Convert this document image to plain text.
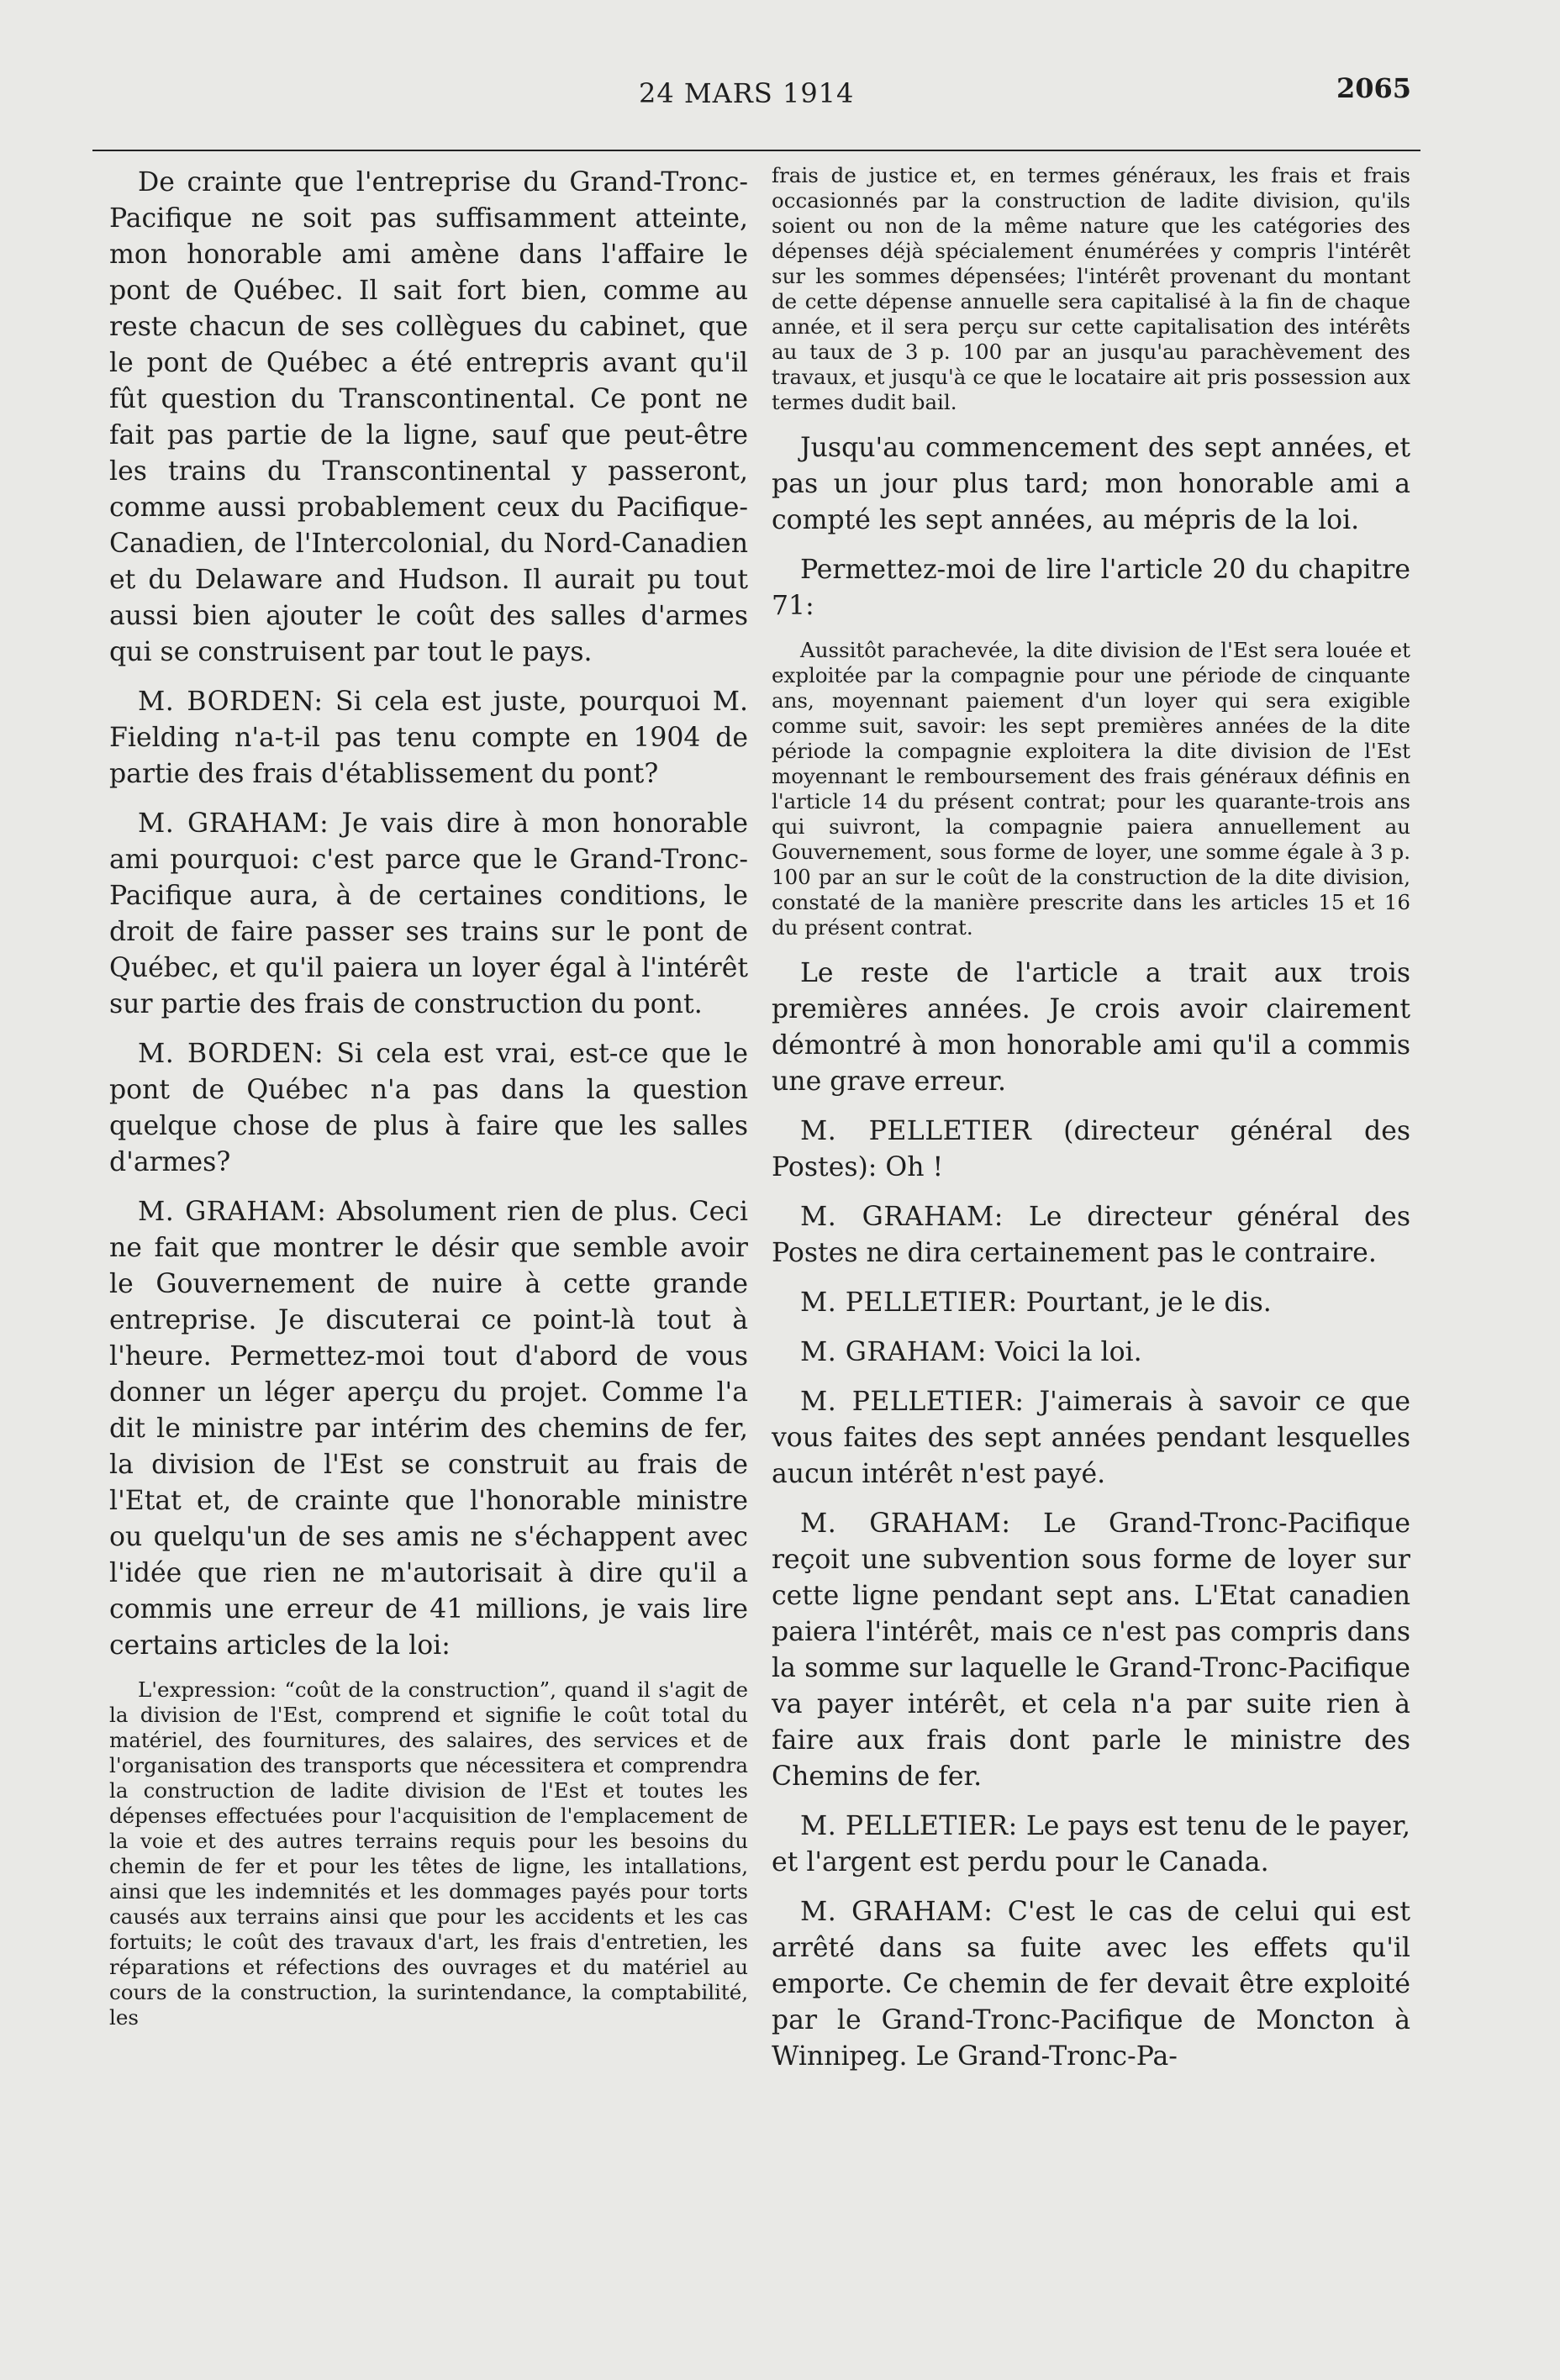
24 MARS 1914	2065

De crainte que l'entreprise du Grand-Tronc-Pacifique ne soit pas suffisamment atteinte, mon honorable ami amène dans l'affaire le pont de Québec. Il sait fort bien, comme au reste chacun de ses collègues du cabinet, que le pont de Québec a été entrepris avant qu'il fût question du Transcontinental. Ce pont ne fait pas partie de la ligne, sauf que peut-être les trains du Transcontinental y passeront, comme aussi probablement ceux du Pacifique-Canadien, de l'Intercolonial, du Nord-Canadien et du Delaware and Hudson. Il aurait pu tout aussi bien ajouter le coût des salles d'armes qui se construisent par tout le pays.

M. BORDEN: Si cela est juste, pourquoi M. Fielding n'a-t-il pas tenu compte en 1904 de partie des frais d'établissement du pont?

M. GRAHAM: Je vais dire à mon honorable ami pourquoi: c'est parce que le Grand-Tronc-Pacifique aura, à de certaines conditions, le droit de faire passer ses trains sur le pont de Québec, et qu'il paiera un loyer égal à l'intérêt sur partie des frais de construction du pont.

M. BORDEN: Si cela est vrai, est-ce que le pont de Québec n'a pas dans la question quelque chose de plus à faire que les salles d'armes?

M. GRAHAM: Absolument rien de plus. Ceci ne fait que montrer le désir que semble avoir le Gouvernement de nuire à cette grande entreprise. Je discuterai ce point-là tout à l'heure. Permettez-moi tout d'abord de vous donner un léger aperçu du projet. Comme l'a dit le ministre par intérim des chemins de fer, la division de l'Est se construit au frais de l'Etat et, de crainte que l'honorable ministre ou quelqu'un de ses amis ne s'échappent avec l'idée que rien ne m'autorisait à dire qu'il a commis une erreur de 41 millions, je vais lire certains articles de la loi:

L'expression: “coût de la construction”, quand il s'agit de la division de l'Est, comprend et signifie le coût total du matériel, des fournitures, des salaires, des services et de l'organisation des transports que nécessitera et comprendra la construction de ladite division de l'Est et toutes les dépenses effectuées pour l'acquisition de l'emplacement de la voie et des autres terrains requis pour les besoins du chemin de fer et pour les têtes de ligne, les intallations, ainsi que les indemnités et les dommages payés pour torts causés aux terrains ainsi que pour les accidents et les cas fortuits; le coût des travaux d'art, les frais d'entretien, les réparations et réfections des ouvrages et du matériel au cours de la construction, la surintendance, la comptabilité, les
frais de justice et, en termes généraux, les frais et frais occasionnés par la construction de ladite division, qu'ils soient ou non de la même nature que les catégories des dépenses déjà spécialement énumérées y compris l'intérêt sur les sommes dépensées; l'intérêt provenant du montant de cette dépense annuelle sera capitalisé à la fin de chaque année, et il sera perçu sur cette capitalisation des intérêts au taux de 3 p. 100 par an jusqu'au parachèvement des travaux, et jusqu'à ce que le locataire ait pris possession aux termes dudit bail.

Jusqu'au commencement des sept années, et pas un jour plus tard; mon honorable ami a compté les sept années, au mépris de la loi.

Permettez-moi de lire l'article 20 du chapitre 71:

Aussitôt parachevée, la dite division de l'Est sera louée et exploitée par la compagnie pour une période de cinquante ans, moyennant paiement d'un loyer qui sera exigible comme suit, savoir: les sept premières années de la dite période la compagnie exploitera la dite division de l'Est moyennant le remboursement des frais généraux définis en l'article 14 du présent contrat; pour les quarante-trois ans qui suivront, la compagnie paiera annuellement au Gouvernement, sous forme de loyer, une somme égale à 3 p. 100 par an sur le coût de la construction de la dite division, constaté de la manière prescrite dans les articles 15 et 16 du présent contrat.

Le reste de l'article a trait aux trois premières années. Je crois avoir clairement démontré à mon honorable ami qu'il a commis une grave erreur.

M. PELLETIER (directeur général des Postes): Oh !

M. GRAHAM: Le directeur général des Postes ne dira certainement pas le contraire.

M. PELLETIER: Pourtant, je le dis.

M. GRAHAM: Voici la loi.

M. PELLETIER: J'aimerais à savoir ce que vous faites des sept années pendant lesquelles aucun intérêt n'est payé.

M. GRAHAM: Le Grand-Tronc-Pacifique reçoit une subvention sous forme de loyer sur cette ligne pendant sept ans. L'Etat canadien paiera l'intérêt, mais ce n'est pas compris dans la somme sur laquelle le Grand-Tronc-Pacifique va payer intérêt, et cela n'a par suite rien à faire aux frais dont parle le ministre des Chemins de fer.

M. PELLETIER: Le pays est tenu de le payer, et l'argent est perdu pour le Canada.

M. GRAHAM: C'est le cas de celui qui est arrêté dans sa fuite avec les effets qu'il emporte. Ce chemin de fer devait être exploité par le Grand-Tronc-Pacifique de Moncton à Winnipeg. Le Grand-Tronc-Pa-
